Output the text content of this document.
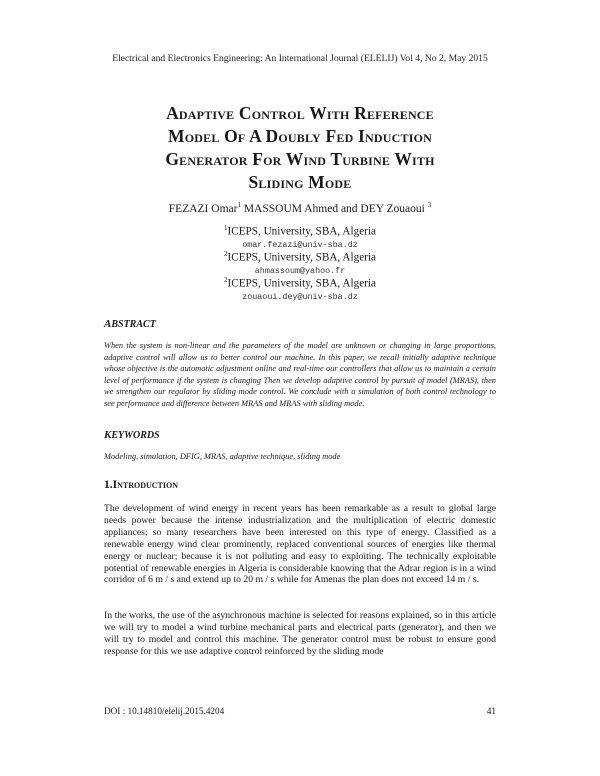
Electrical and Electronics Engineering: An International Journal (ELELIJ) Vol 4, No 2, May 2015
Adaptive Control With Reference
Model Of A Doubly Fed Induction
Generator For Wind Turbine With
Sliding Mode
FEZAZI Omar$^1$ MASSOUM Ahmed and DEY Zouaoui $^3$
$^1$ICEPS, University, SBA, Algeria
omar.fezazi@univ-sba.dz
$^2$ICEPS, University, SBA, Algeria
ahmassoum@yahoo.fr
$^2$ICEPS, University, SBA, Algeria
zouaoui.dey@univ-sba.dz
ABSTRACT
When the system is non-linear and the parameters of the model are unknown or changing in large proportions, adaptive control will allow us to better control our machine. In this paper, we recall initially adaptive technique whose objective is the automatic adjustment online and real-time our controllers that allow us to maintain a certain level of performance if the system is changing Then we develop adaptive control by pursuit of model (MRAS), then we strengthen our regulator by sliding mode control. We conclude with a simulation of both control technology to see performance and difference between MRAS and MRAS with sliding mode.
KEYWORDS
Modeling, simulation, DFIG, MRAS, adaptive technique, sliding mode
1.Introduction
The development of wind energy in recent years has been remarkable as a result to global large needs power because the intense industrialization and the multiplication of electric domestic appliances; so many researchers have been interested on this type of energy. Classified as a renewable energy wind clear prominently, replaced conventional sources of energies like thermal energy or nuclear; because it is not polluting and easy to exploiting. The technically exploitable potential of renewable energies in Algeria is considerable knowing that the Adrar region is in a wind corridor of 6 m / s and extend up to 20 m / s while for Amenas the plan does not exceed 14 m / s.
In the works, the use of the asynchronous machine is selected for reasons explained, so in this article we will try to model a wind turbine mechanical parts and electrical parts (generator), and then we will try to model and control this machine. The generator control must be robust to ensure good response for this we use adaptive control reinforced by the sliding mode
DOI : 10.14810/elelij.2015.4204	41
